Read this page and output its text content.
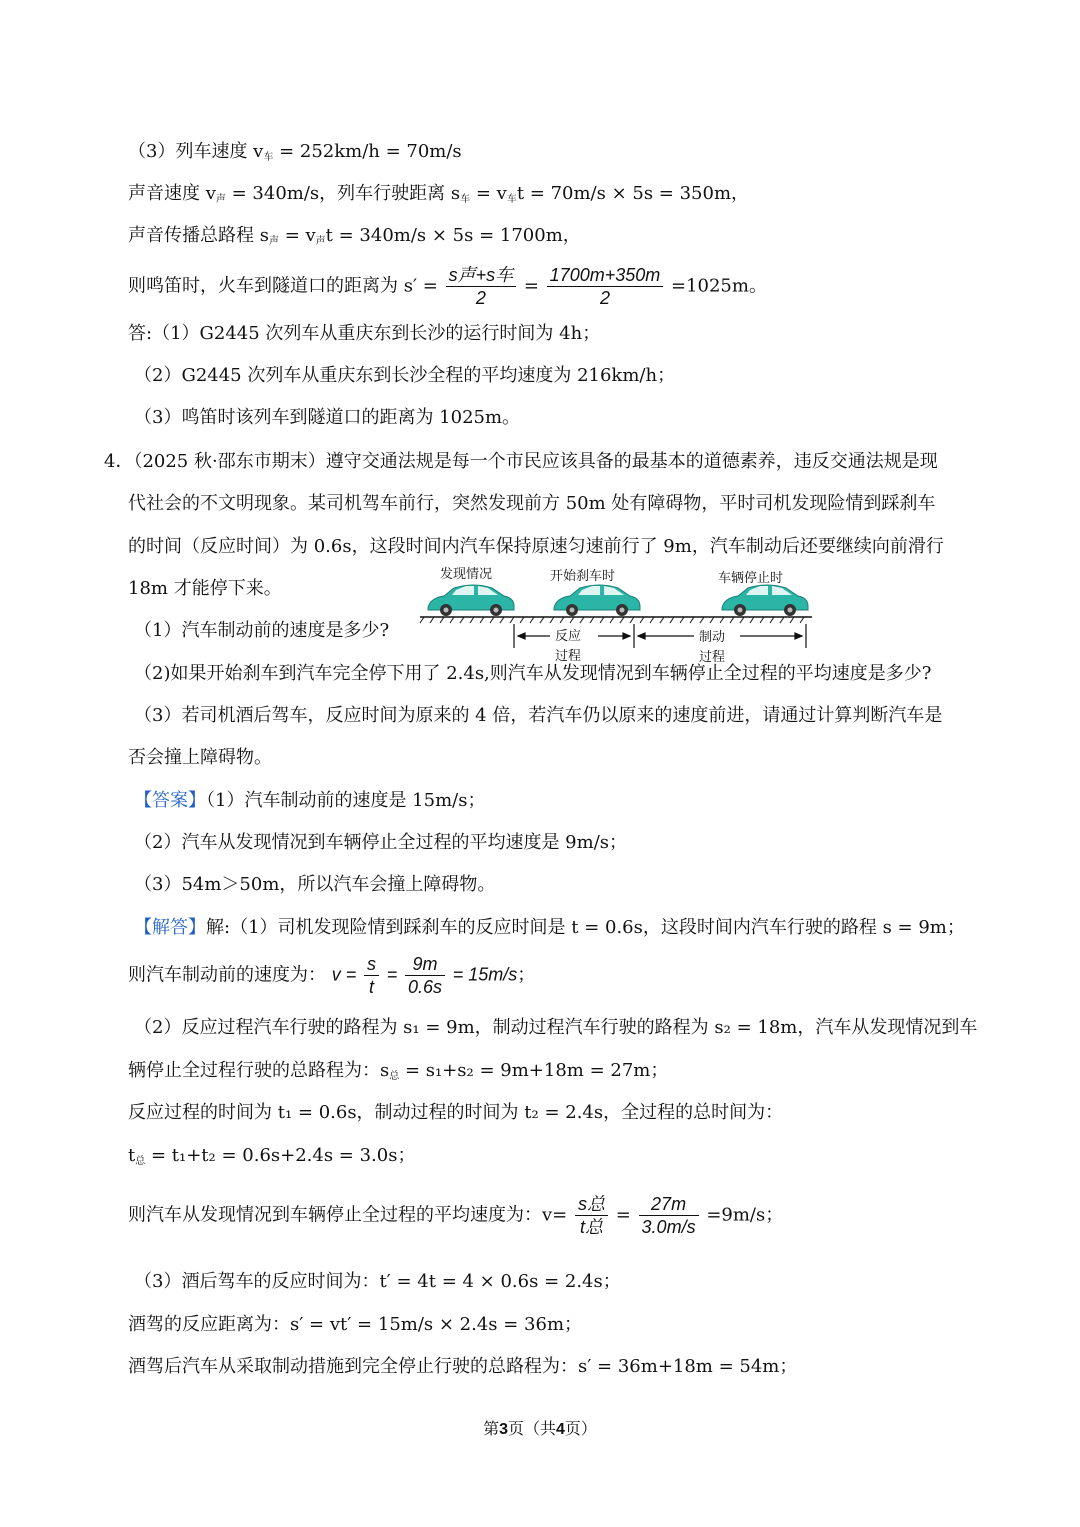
（3）列车速度 $v_车 = 252km/h = 70m/s$
声音速度 $v_声 = 340m/s$，列车行驶距离 $s_车 = v_车t = 70m/s \times 5s = 350m$，
声音传播总路程 $s_声 = v_声t = 340m/s \times 5s = 1700m$，
则鸣笛时，火车到隧道口的距离为 $s' = \frac{\text{s声+s车}}{2} = \frac{1700m+350m}{2} =1025m$。
答:（1）G2445 次列车从重庆东到长沙的运行时间为 4h；
（2）G2445 次列车从重庆东到长沙全程的平均速度为 216km/h；
（3）鸣笛时该列车到隧道口的距离为 1025m。
4．（2025 秋·邵东市期末）遵守交通法规是每一个市民应该具备的最基本的道德素养，违反交通法规是现
代社会的不文明现象。某司机驾车前行，突然发现前方 50m 处有障碍物，平时司机发现险情到踩刹车
的时间（反应时间）为 0.6s，这段时间内汽车保持原速匀速前行了 9m，汽车制动后还要继续向前滑行
18m 才能停下来。
（1）汽车制动前的速度是多少?
（2)如果开始刹车到汽车完全停下用了 2.4s,则汽车从发现情况到车辆停止全过程的平均速度是多少?
（3）若司机酒后驾车，反应时间为原来的 4 倍，若汽车仍以原来的速度前进，请通过计算判断汽车是
否会撞上障碍物。
发现情况	开始刹车时	车辆停止时
反应
过程
制动
过程
【答案】（1）汽车制动前的速度是 15m/s；
（2）汽车从发现情况到车辆停止全过程的平均速度是 9m/s；
（3）54m＞50m，所以汽车会撞上障碍物。
【解答】解:（1）司机发现险情到踩刹车的反应时间是 t = 0.6s，这段时间内汽车行驶的路程 s = 9m；
则汽车制动前的速度为： $v = \frac{s}{t} = \frac{9m}{0.6s} = 15m/s$；
（2）反应过程汽车行驶的路程为 s₁ = 9m，制动过程汽车行驶的路程为 s₂ = 18m，汽车从发现情况到车
辆停止全过程行驶的总路程为：$s_总 = s_1+s_2 = 9m+18m = 27m$；
反应过程的时间为 t₁ = 0.6s，制动过程的时间为 t₂ = 2.4s，全过程的总时间为：
$t_总 = t_1+t_2 = 0.6s+2.4s = 3.0s$；
则汽车从发现情况到车辆停止全过程的平均速度为：$v= \frac{\text{s总}}{\text{t总}} = \frac{27m}{3.0m/s} =9m/s$；
（3）酒后驾车的反应时间为：t′ = 4t = 4 × 0.6s = 2.4s；
酒驾的反应距离为：s′ = vt′ = 15m/s × 2.4s = 36m；
酒驾后汽车从采取制动措施到完全停止行驶的总路程为：s′ = 36m+18m = 54m；
第3页（共4页）
